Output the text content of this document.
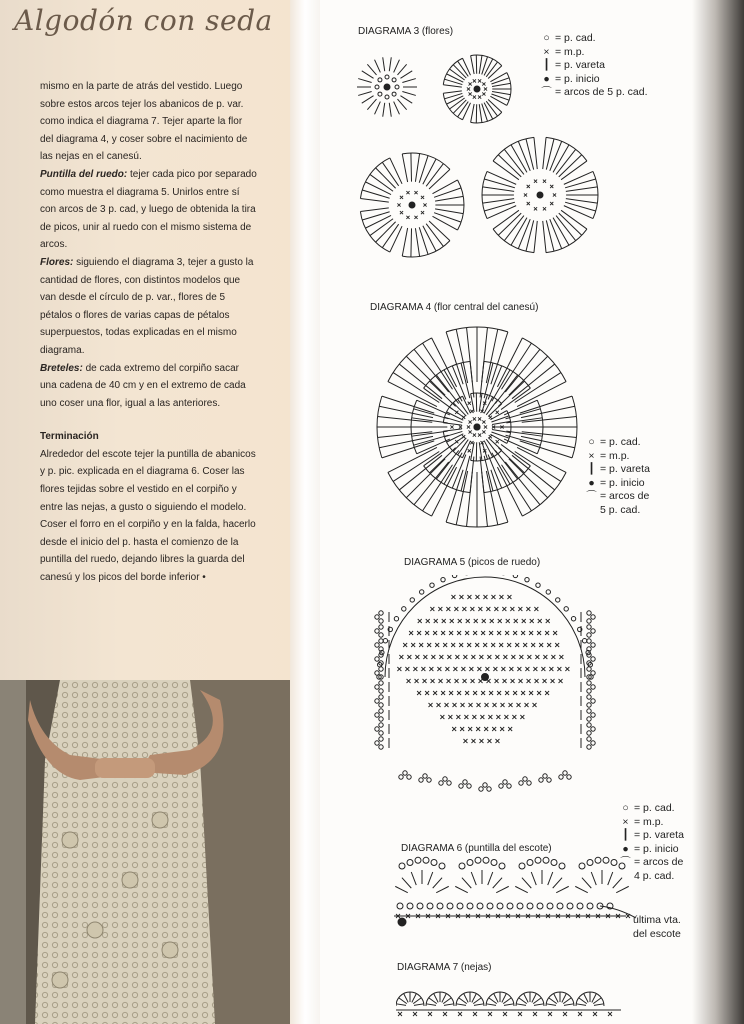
Algodón con seda

mismo en la parte de atrás del vestido. Luego sobre estos arcos tejer los abanicos de p. var. como indica el diagrama 7. Tejer aparte la flor del diagrama 4, y coser sobre el nacimiento de las nejas en el canesú.

Puntilla del ruedo: tejer cada pico por separado como muestra el diagrama 5. Unirlos entre sí con arcos de 3 p. cad, y luego de obtenida la tira de picos, unir al ruedo con el mismo sistema de arcos.

Flores: siguiendo el diagrama 3, tejer a gusto la cantidad de flores, con distintos modelos que van desde el círculo de p. var., flores de 5 pétalos o flores de varias capas de pétalos superpuestos, todas explicadas en el mismo diagrama.

Breteles: de cada extremo del corpiño sacar una cadena de 40 cm y en el extremo de cada uno coser una flor, igual a las anteriores.

Terminación

Alrededor del escote tejer la puntilla de abanicos y p. pic. explicada en el diagrama 6. Coser las flores tejidas sobre el vestido en el corpiño y entre las nejas, a gusto o siguiendo el modelo. Coser el forro en el corpiño y en la falda, hacerlo desde el inicio del p. hasta el comienzo de la puntilla del ruedo, dejando libres la guarda del canesú y los picos del borde inferior •

DIAGRAMA 3 (flores)
DIAGRAMA 4 (flor central del canesú)
DIAGRAMA 5 (picos de ruedo)
DIAGRAMA 6 (puntilla del escote)
DIAGRAMA 7 (nejas)
○ = p. cad.
× = m.p.
┃ = p. vareta
● = p. inicio
⌒ = arcos de 5 p. cad.
○ = p. cad.
× = m.p.
┃ = p. vareta
● = p. inicio
⌒ = arcos de
5 p. cad.
○ = p. cad.
× = m.p.
┃ = p. vareta
● = p. inicio
⌒ = arcos de
4 p. cad.
última vta.
del escote
